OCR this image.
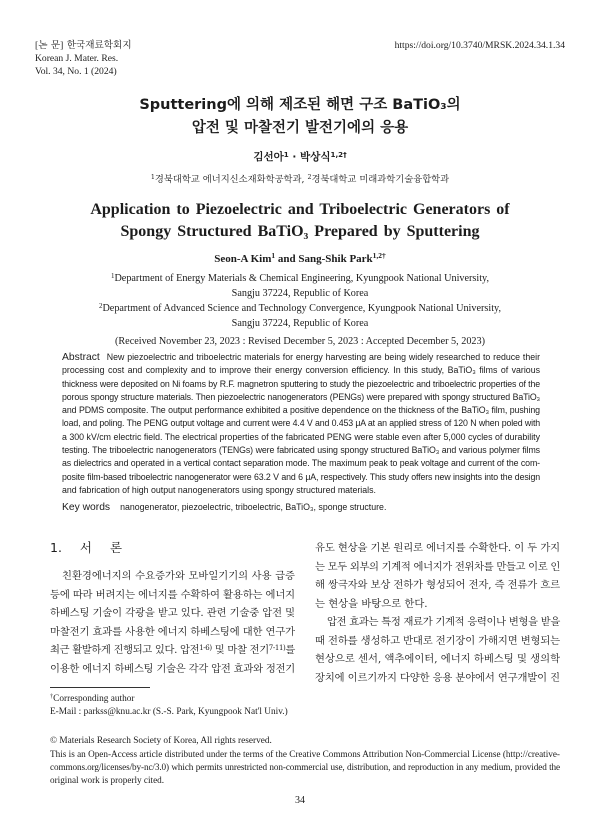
[논 문] 한국재료학회지
Korean J. Mater. Res.
Vol. 34, No. 1 (2024)
https://doi.org/10.3740/MRSK.2024.34.1.34
Sputtering에 의해 제조된 해면 구조 BaTiO₃의
압전 및 마찰전기 발전기에의 응용
김선아$^1$ · 박상식$^{1,2\dagger}$
$^1$경북대학교 에너지신소재화학공학과, $^2$경북대학교 미래과학기술융합학과
Application to Piezoelectric and Triboelectric Generators of
Spongy Structured BaTiO₃ Prepared by Sputtering
Seon-A Kim$^1$ and Sang-Shik Park$^{1,2\dagger}$
$^1$Department of Energy Materials & Chemical Engineering, Kyungpook National University,
Sangju 37224, Republic of Korea
$^2$Department of Advanced Science and Technology Convergence, Kyungpook National University,
Sangju 37224, Republic of Korea
(Received November 23, 2023 : Revised December 5, 2023 : Accepted December 5, 2023)
Abstract New piezoelectric and triboelectric materials for energy harvesting are being widely researched to reduce their
processing cost and complexity and to improve their energy conversion efficiency. In this study, BaTiO₃ films of various
thickness were deposited on Ni foams by R.F. magnetron sputtering to study the piezoelectric and triboelectric properties of the
porous spongy structure materials. Then piezoelectric nanogenerators (PENGs) were prepared with spongy structured BaTiO₃
and PDMS composite. The output performance exhibited a positive dependence on the thickness of the BaTiO₃ film, pushing
load, and poling. The PENG output voltage and current were 4.4 V and 0.453 μA at an applied stress of 120 N when poled with
a 300 kV/cm electric field. The electrical properties of the fabricated PENG were stable even after 5,000 cycles of durability
testing. The triboelectric nanogenerators (TENGs) were fabricated using spongy structured BaTiO₃ and various polymer films
as dielectrics and operated in a vertical contact separation mode. The maximum peak to peak voltage and current of the com-
posite film-based triboelectric nanogenerator were 63.2 V and 6 μA, respectively. This study offers new insights into the design
and fabrication of high output nanogenerators using spongy structured materials.
Key words nanogenerator, piezoelectric, triboelectric, BaTiO₃, sponge structure.
1. 서 론
친환경에너지의 수요증가와 모바일기기의 사용 급증
등에 따라 버려지는 에너지를 수확하여 활용하는 에너지
하베스팅 기술이 각광을 받고 있다. 관련 기술중 압전 및
마찰전기 효과를 사용한 에너지 하베스팅에 대한 연구가
최근 활발하게 진행되고 있다. 압전$^{1-6)}$ 및 마찰 전기$^{7-11)}$를
이용한 에너지 하베스팅 기술은 각각 압전 효과와 정전기
유도 현상을 기본 원리로 에너지를 수확한다. 이 두 가지
는 모두 외부의 기계적 에너지가 전위차를 만들고 이로 인
해 쌍극자와 보상 전하가 형성되어 전자, 즉 전류가 흐르
는 현상을 바탕으로 한다.
압전 효과는 특정 재료가 기계적 응력이나 변형을 받을
때 전하를 생성하고 반대로 전기장이 가해지면 변형되는
현상으로 센서, 액추에이터, 에너지 하베스팅 및 생의학
장치에 이르기까지 다양한 응용 분야에서 연구개발이 진
†Corresponding author
E-Mail : parkss@knu.ac.kr (S.-S. Park, Kyungpook Nat'l Univ.)
© Materials Research Society of Korea, All rights reserved.
This is an Open-Access article distributed under the terms of the Creative Commons Attribution Non-Commercial License (http://creative-
commons.org/licenses/by-nc/3.0) which permits unrestricted non-commercial use, distribution, and reproduction in any medium, provided the
original work is properly cited.
34
